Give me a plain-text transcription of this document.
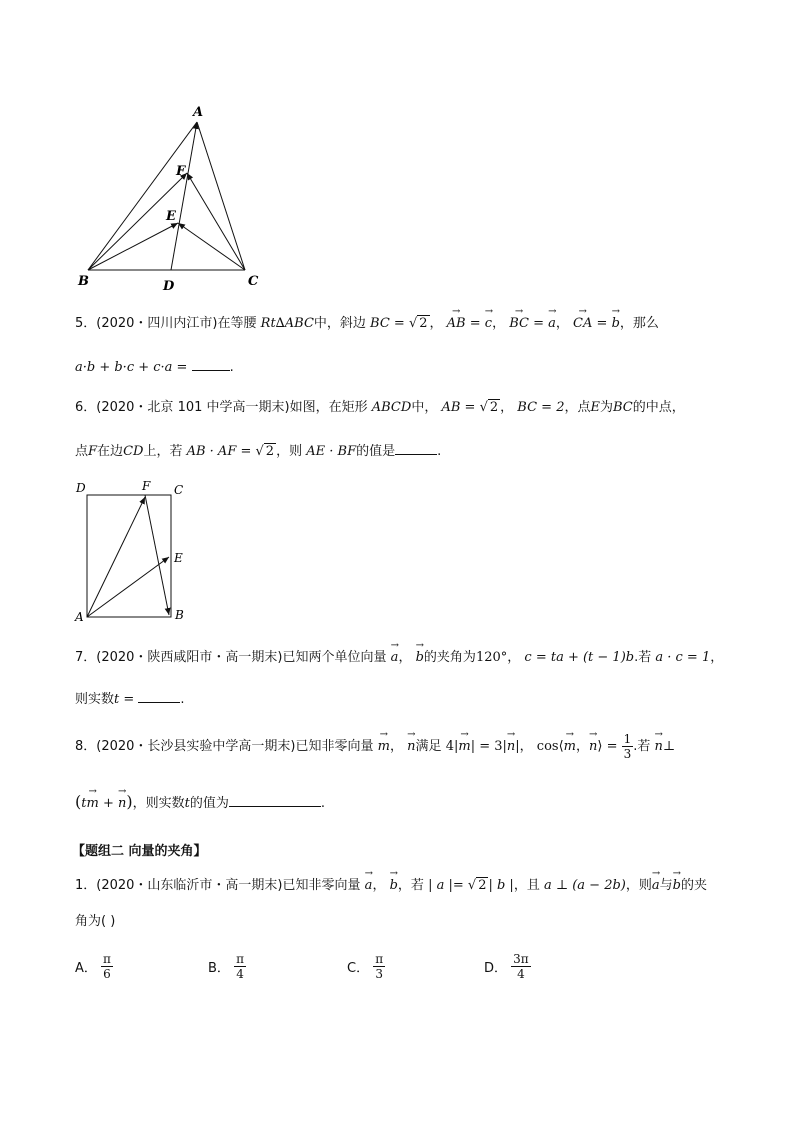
A
F
E
B	D	C
5．(2020・四川内江市)在等腰 Rt∆ABC中，斜边 BC = √ 2 ， → AB = → c， → BC = → a， → CA = → b，那么
a·b + b·c + c·a =	.
6．(2020・北京 101 中学高一期末)如图，在矩形 ABCD中， AB = √ 2 ， BC = 2，点E为BC的中点，
点F在边CD上，若 AB · AF = √ 2 ，则 AE · BF的值是	.
D	F C
E
A	B
7．(2020・陕西咸阳市・高一期末)已知两个单位向量 → a， → b的夹角为120°， c = ta + (t − 1)b.若 a · c = 1，
则实数t =	.
8．(2020・长沙县实验中学高一期末)已知非零向量 → m， → n满足 4|→ m| = 3|→ n|， cos⟨→ m，→ n⟩ = $\frac{1}{3}$ .若 → n⊥
(t→ m + → n)，则实数t的值为	.
【题组二 向量的夹角】
1．(2020・山东临沂市・高一期末)已知非零向量 → a， → b，若 | a |= √ 2 | b |，且 a ⊥ (a − 2b)，则→ a与→ b的夹
角为( )
A． $\frac{\pi}{6}$	B． $\frac{\pi}{4}$	C． $\frac{\pi}{3}$	D． $\frac{3\pi}{4}$
